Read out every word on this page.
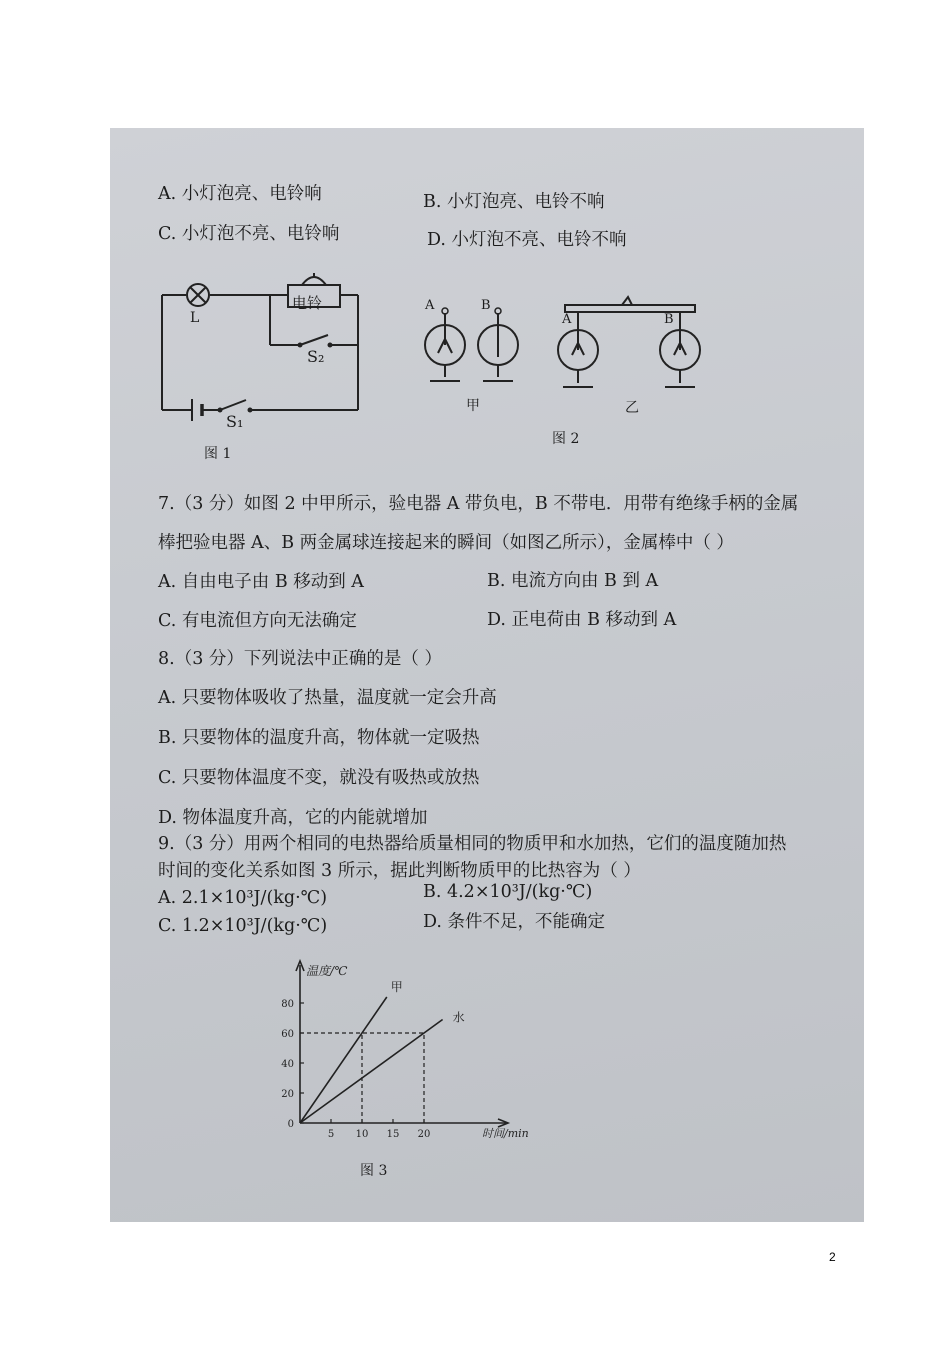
A. 小灯泡亮、电铃响	B. 小灯泡亮、电铃不响
C. 小灯泡不亮、电铃响	D. 小灯泡不亮、电铃不响
L
电铃
S₂
S₁
图 1
A	B
A	B
甲	乙
图 2
7.（3 分）如图 2 中甲所示，验电器 A 带负电，B 不带电．用带有绝缘手柄的金属
棒把验电器 A、B 两金属球连接起来的瞬间（如图乙所示），金属棒中（ ）
A. 自由电子由 B 移动到 A	B. 电流方向由 B 到 A
C. 有电流但方向无法确定	D. 正电荷由 B 移动到 A
8.（3 分）下列说法中正确的是（ ）
A. 只要物体吸收了热量，温度就一定会升高
B. 只要物体的温度升高，物体就一定吸热
C. 只要物体温度不变，就没有吸热或放热
D. 物体温度升高，它的内能就增加
9.（3 分）用两个相同的电热器给质量相同的物质甲和水加热，它们的温度随加热
时间的变化关系如图 3 所示，据此判断物质甲的比热容为（ ）
A. 2.1×10³J/(kg·℃)	B. 4.2×10³J/(kg·℃)
C. 1.2×10³J/(kg·℃)	D. 条件不足，不能确定
0
20
40
60
80
5 10 15 20
温度/℃
时间/min
甲
水
图 3
2
